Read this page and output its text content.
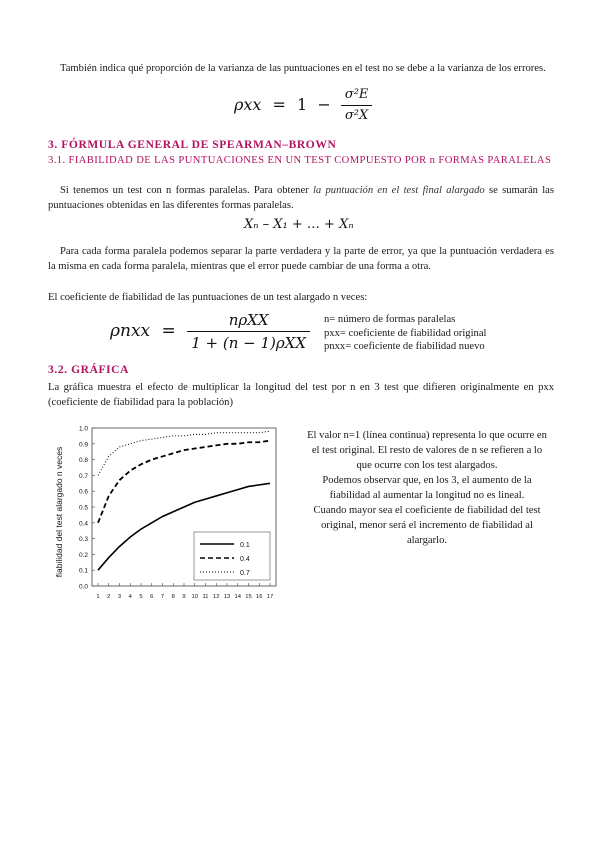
También indica qué proporción de la varianza de las puntuaciones en el test no se debe a la varianza de los errores.
$\rho xx = 1 - \frac{\text{σ²E}}{\text{σ²X}}$
3. FÓRMULA GENERAL DE SPEARMAN–BROWN
3.1. FIABILIDAD DE LAS PUNTUACIONES EN UN TEST COMPUESTO POR n FORMAS PARALELAS
Si tenemos un test con n formas paralelas. Para obtener la puntuación en el test final alargado se sumarán las puntuaciones obtenidas en las diferentes formas paralelas.
Xₙ – X₁ + … + Xₙ
Para cada forma paralela podemos separar la parte verdadera y la parte de error, ya que la puntuación verdadera es la misma en cada forma paralela, mientras que el error puede cambiar de una forma a otra.
El coeficiente de fiabilidad de las puntuaciones de un test alargado n veces:
$\rho nxx = \frac{\text{nρXX}}{\text{1 + (n − 1)ρXX}} n=$ número de formas paralelas
pxx= coeficiente de fiabilidad original
pnxx= coeficiente de fiabilidad nuevo
3.2. GRÁFICA
La gráfica muestra el efecto de multiplicar la longitud del test por n en 3 test que difieren originalmente en pxx (coeficiente de fiabilidad para la población)
fiabilidad del test alargado n veces
0.0
0.1
0.2
0.3
0.4
0.5
0.6
0.7
0.8
0.9
1.0
1 2 3 4 5 6 7 8 9 10 11 12 13 14 15 16 17
0.1
0.4
0.7
El valor n=1 (línea continua) representa lo que ocurre en
el test original. El resto de valores de n se refieren a lo
que ocurre con los test alargados.
Podemos observar que, en los 3, el aumento de la
fiabilidad al aumentar la longitud no es lineal.
Cuando mayor sea el coeficiente de fiabilidad del test
original, menor será el incremento de fiabilidad al
alargarlo.
